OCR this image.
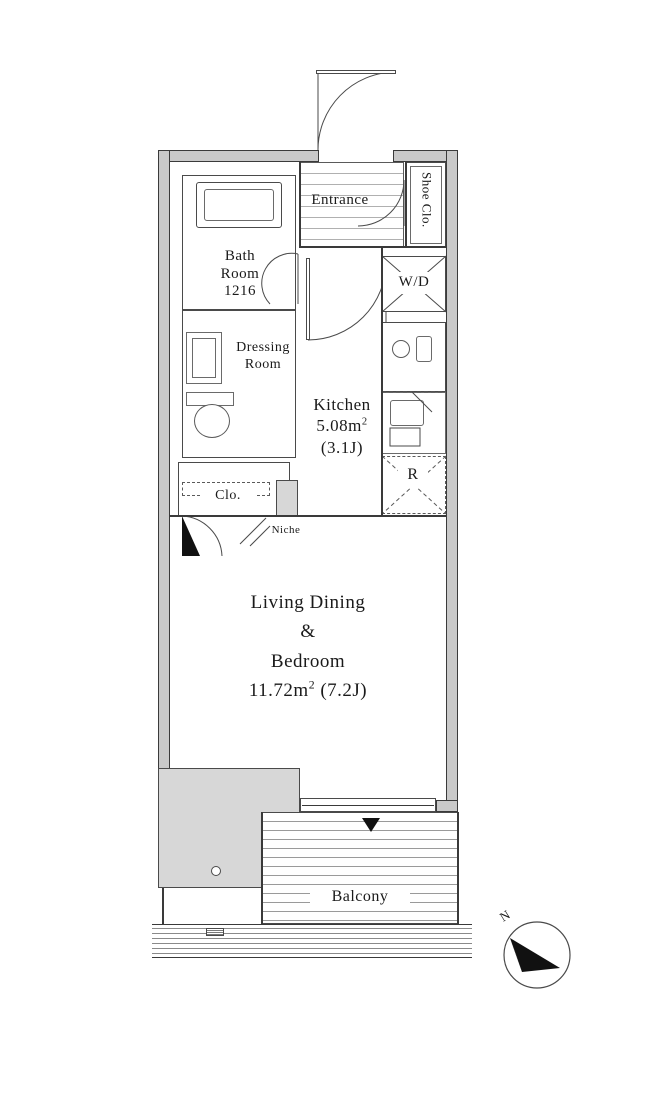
Entrance	Shoe Clo.
Bath
Room
1216
Dressing
Room
W/D
R
Kitchen
$5.08m^2$
(3.1J)
Clo.
Niche
Living Dining
&
Bedroom
$11.72m^2$ (7.2J)
Balcony
N
